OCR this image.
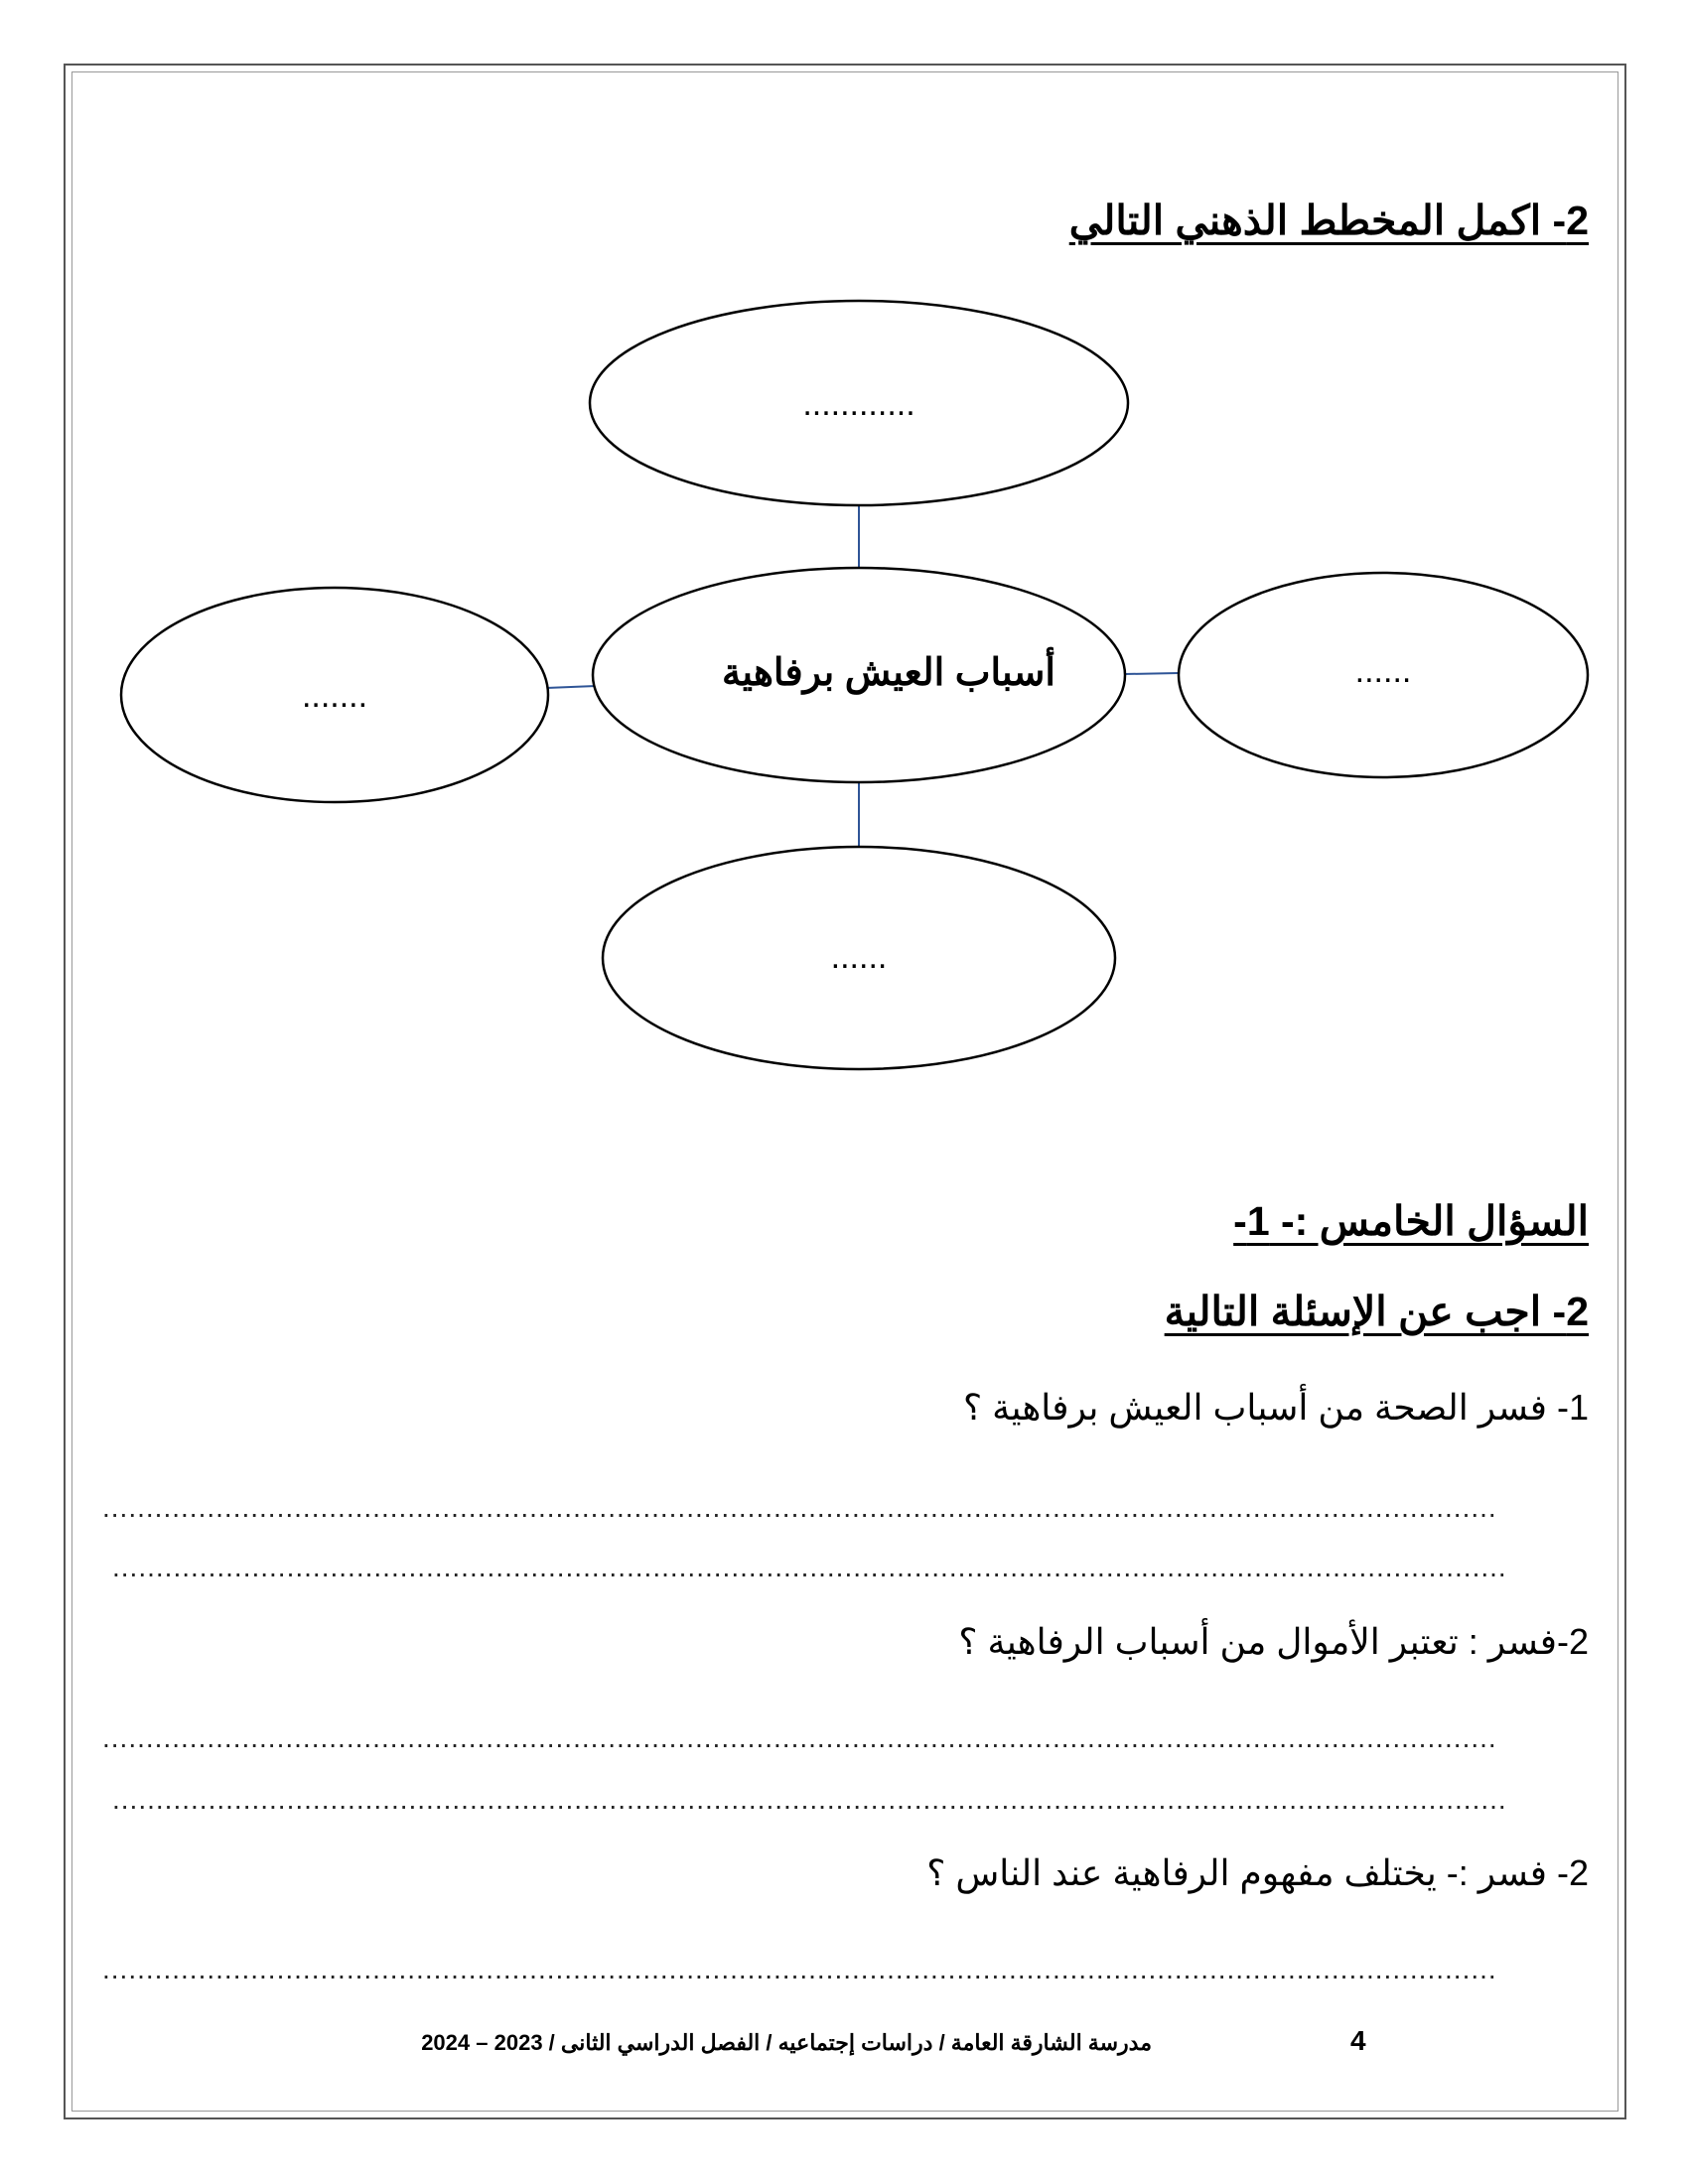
2- اكمل المخطط الذهني التالي
............
أسباب العيش برفاهية
.......
......
......
السؤال الخامس :- 1-
2- اجب عن الإسئلة التالية
1- فسر الصحة من أسباب العيش برفاهية ؟
................................................................................................................................................................
................................................................................................................................................................
2-فسر : تعتبر الأموال من أسباب الرفاهية ؟
................................................................................................................................................................
................................................................................................................................................................
2- فسر :- يختلف مفهوم الرفاهية عند الناس ؟
................................................................................................................................................................
مدرسة الشارقة العامة / دراسات إجتماعيه / الفصل الدراسي الثانى / 2023 – 2024	4
